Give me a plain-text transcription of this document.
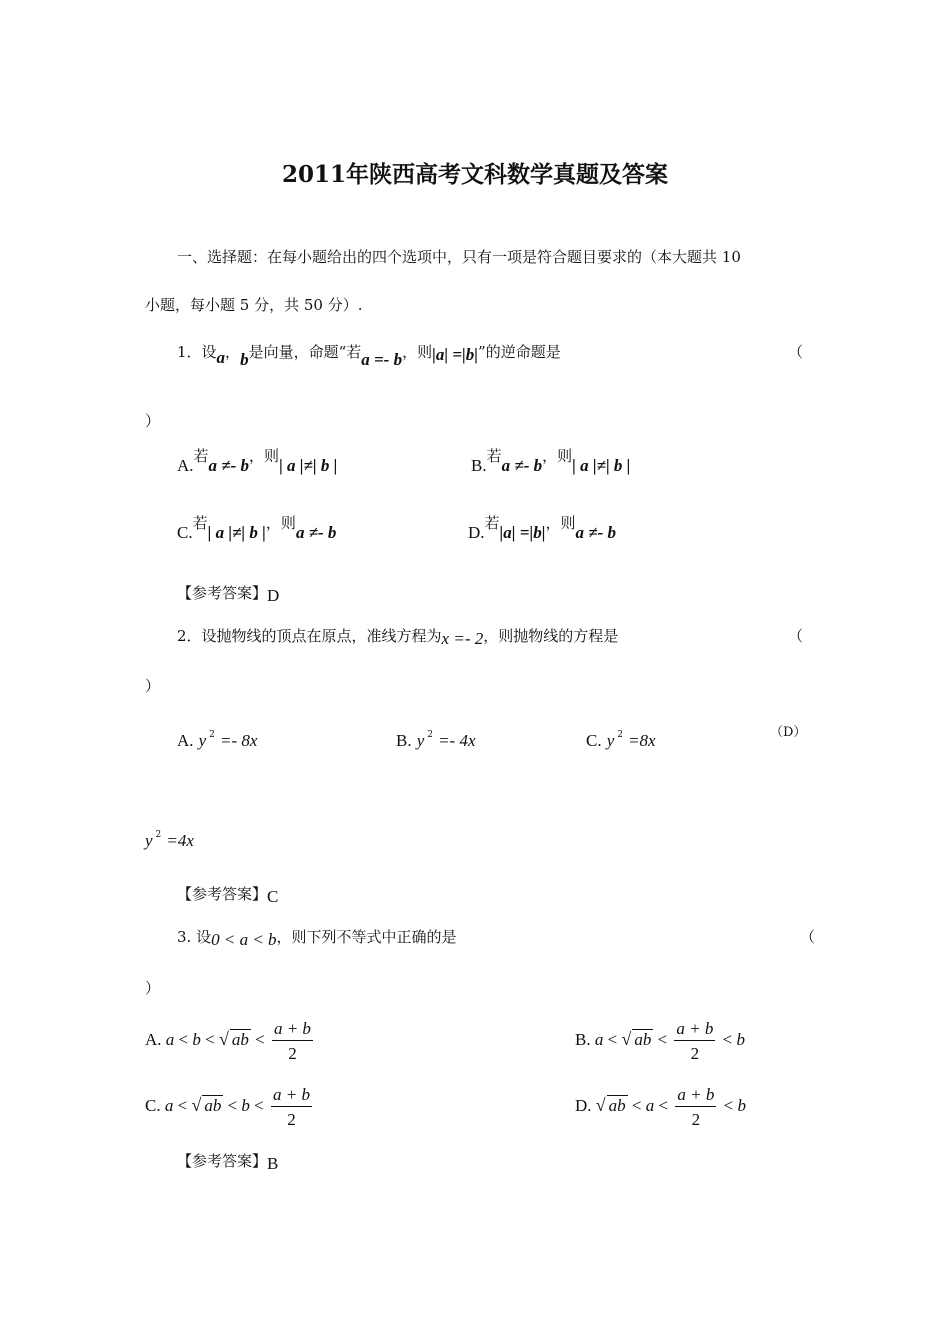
2011年陕西高考文科数学真题及答案
一、选择题：在每小题给出的四个选项中，只有一项是符合题目要求的（本大题共 10
小题，每小题 5 分，共 50 分）.
1．设a，b是向量，命题“若a =- b，则|a| =|b|”的逆命题是	（
）
A.若a ≠- b，则| a |≠| b |	B.若a ≠- b，则| a |≠| b |
C.若| a |≠| b |，则a ≠- b	D.若|a| =|b|，则a ≠- b
【参考答案】D
2．设抛物线的顶点在原点，准线方程为x =- 2，则抛物线的方程是	（
）
A. y $^2$ =- 8x	B. y $^2$ =- 4x	C. y $^2$ =8x	（D）
y $^2$ =4x
【参考答案】C
3. 设0 < a < b，则下列不等式中正确的是	（
）
A. a < b < √ ab < $\frac{a + b}{2}$	B. a < √ ab < $\frac{a + b}{2} < b$
C. a < √ ab < $b < \frac{a + b}{2}$	D. √ ab < $a < \frac{a + b}{2} < b$
【参考答案】B
